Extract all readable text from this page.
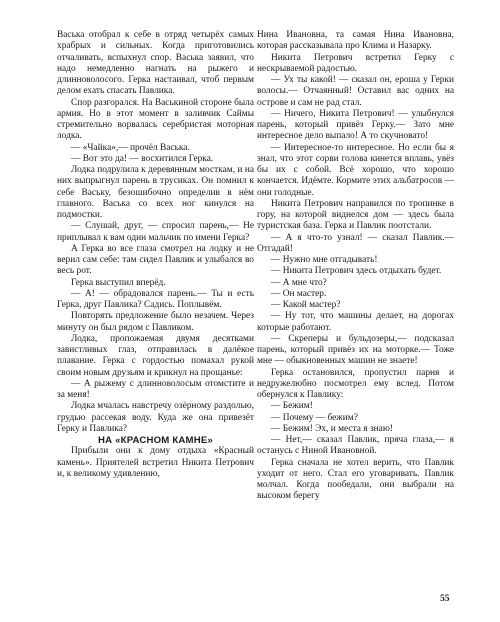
Васька отобрал к себе в отряд четырёх самых храбрых и сильных. Когда приготовились отчаливать, вспыхнул спор. Васька заявил, что надо немедленно нагнать на рыжего и длинноволосого. Герка настаивал, чтоб первым делом ехать спасать Павлика.

Спор разгорался. На Васькиной стороне была армия. Но в этот момент в заливчик Саймы стремительно ворвалась серебристая моторная лодка.

— «Чайка»,— прочёл Васька.

— Вот это да! — восхитился Герка.

Лодка подрулила к деревянным мосткам, и на них выпрыгнул парень в трусиках. Он помнил к себе Ваську, безошибочно определив в нём главного. Васька со всех ног кинулся на подмостки.

— Слушай, друг, — спросил парень,— Не приплывал к вам один мальчик по имени Герка?

А Герка во все глаза смотрел на лодку и не верил сам себе: там сидел Павлик и улыбался во весь рот.

Герка выступил вперёд.

— А! — обрадовался парень.— Ты и есть Герка, друг Павлика? Садись. Поплывём.

Повторять предложение было незачем. Через минуту он был рядом с Павликом.

Лодка, пропожаемая двумя десятками завистливых глаз, отправилась в далёкое плавание. Герка с гордостью помахал рукой своим новым друзьям и крикнул на прощанье:

— А рыжему с длинноволосым отомстите и за меня!

Лодка мчалась навстречу озёрному раздолью, грудью рассекая воду. Куда же она привезёт Герку и Павлика?

НА «КРАСНОМ КАМНЕ»

Прибыли они к дому отдыха «Красный камень». Приятелей встретил Никита Петрович и, к великому удивлению,

Нина Ивановна, та самая Нина Ивановна, которая рассказывала про Клима и Назарку.

Никита Петрович встретил Герку с нескрываемой радостью.

— Ух ты какой! — сказал он, ероша у Герки волосы.— Отчаянный! Оставил вас одних на острове и сам не рад стал.

— Ничего, Никита Петрович! — улыбнулся парень, который привёз Герку.— Зато мне интересное дело выпало! А то скучновато!

— Интересное-то интересное. Но если бы я знал, что этот сорви голова кинется вплавь, увёз бы их с собой. Всё хорошо, что хорошо кончается. Идёмте. Кормите этих альбатросов — они голодные.

Никита Петрович направился по тропинке в гору, на которой виднелся дом — здесь была туристская база. Герка и Павлик поотстали.

— А я что-то узнал! — сказал Павлик.— Отгадай!

— Нужно мне отгадывать!

— Никита Петрович здесь отдыхать будет.

— А мне что?

— Он мастер.

— Какой мастер?

— Ну тот, что машины делает, на дорогах которые работают.

— Скреперы и бульдозеры,— подсказал парень, который привёз их на моторке.— Тоже мне — обыкновенных машин не знаете!

Герка остановился, пропустил парня и недружелюбно посмотрел ему вслед. Потом обернулся к Павлику:

— Бежим!

— Почему — бежим?

— Бежим! Эх, и места я знаю!

— Нет,— сказал Павлик, пряча глаза,— я останусь с Ниной Ивановной.

Герка сначала не хотел верить, что Павлик уходит от него. Стал его уговаривать. Павлик молчал. Когда пообедали, они выбрали на высоком берегу

55
